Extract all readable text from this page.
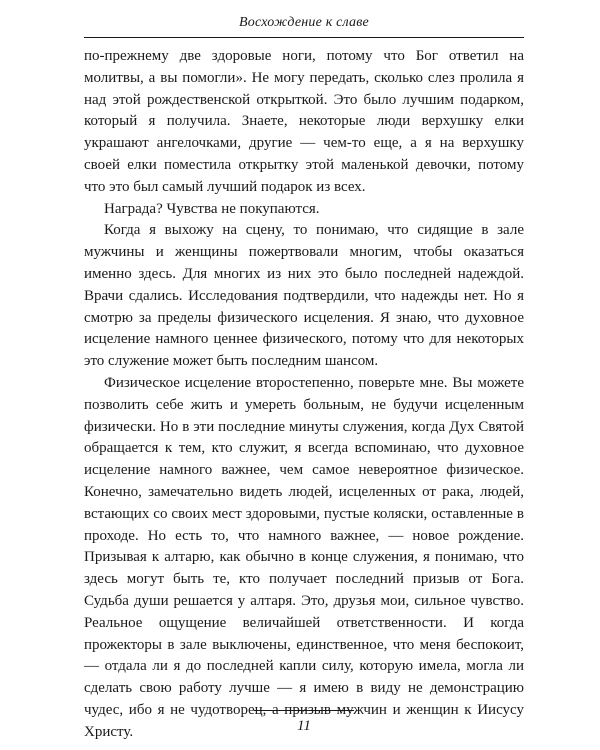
Восхождение к славе

по-прежнему две здоровые ноги, потому что Бог ответил на молитвы, а вы помогли». Не могу передать, сколько слез пролила я над этой рождественской открыткой. Это было лучшим подарком, который я получила. Знаете, некоторые люди верхушку елки украшают ангелочками, другие — чем-то еще, а я на верхушку своей елки поместила открытку этой маленькой девочки, потому что это был самый лучший подарок из всех.

Награда? Чувства не покупаются.

Когда я выхожу на сцену, то понимаю, что сидящие в зале мужчины и женщины пожертвовали многим, чтобы оказаться именно здесь. Для многих из них это было последней надеждой. Врачи сдались. Исследования подтвердили, что надежды нет. Но я смотрю за пределы физического исцеления. Я знаю, что духовное исцеление намного ценнее физического, потому что для некоторых это служение может быть последним шансом.

Физическое исцеление второстепенно, поверьте мне. Вы можете позволить себе жить и умереть больным, не будучи исцеленным физически. Но в эти последние минуты служения, когда Дух Святой обращается к тем, кто служит, я всегда вспоминаю, что духовное исцеление намного важнее, чем самое невероятное физическое. Конечно, замечательно видеть людей, исцеленных от рака, людей, встающих со своих мест здоровыми, пустые коляски, оставленные в проходе. Но есть то, что намного важнее, — новое рождение. Призывая к алтарю, как обычно в конце служения, я понимаю, что здесь могут быть те, кто получает последний призыв от Бога. Судьба души решается у алтаря. Это, друзья мои, сильное чувство. Реальное ощущение величайшей ответственности. И когда прожекторы в зале выключены, единственное, что меня беспокоит, — отдала ли я до последней капли силу, которую имела, могла ли сделать свою работу лучше — я имею в виду не демонстрацию чудес, ибо я не чудотворец, а призыв мужчин и женщин к Иисусу Христу.	11
